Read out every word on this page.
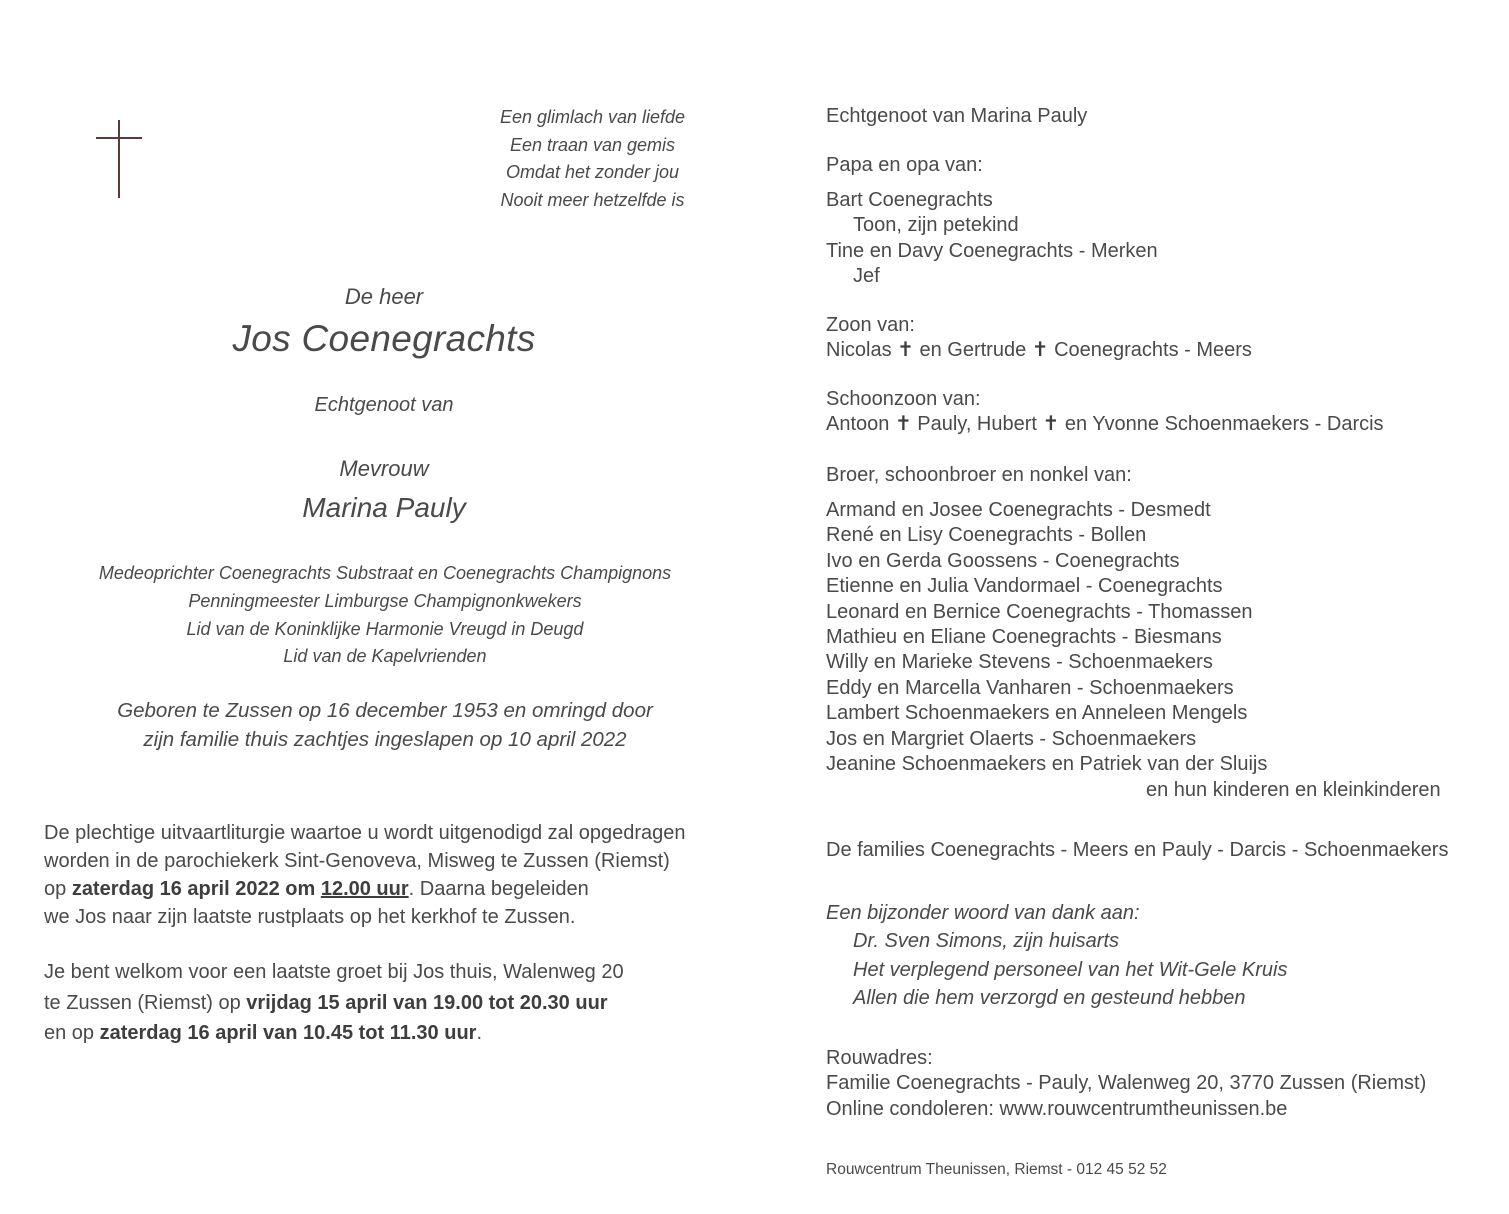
Een glimlach van liefde
Een traan van gemis
Omdat het zonder jou
Nooit meer hetzelfde is
De heer
Jos Coenegrachts
Echtgenoot van
Mevrouw
Marina Pauly
Medeoprichter Coenegrachts Substraat en Coenegrachts Champignons
Penningmeester Limburgse Champignonkwekers
Lid van de Koninklijke Harmonie Vreugd in Deugd
Lid van de Kapelvrienden
Geboren te Zussen op 16 december 1953 en omringd door
zijn familie thuis zachtjes ingeslapen op 10 april 2022
De plechtige uitvaartliturgie waartoe u wordt uitgenodigd zal opgedragen
worden in de parochiekerk Sint-Genoveva, Misweg te Zussen (Riemst)
op zaterdag 16 april 2022 om 12.00 uur. Daarna begeleiden
we Jos naar zijn laatste rustplaats op het kerkhof te Zussen.
Je bent welkom voor een laatste groet bij Jos thuis, Walenweg 20
te Zussen (Riemst) op vrijdag 15 april van 19.00 tot 20.30 uur
en op zaterdag 16 april van 10.45 tot 11.30 uur.
Echtgenoot van Marina Pauly
Papa en opa van:
Bart Coenegrachts
Toon, zijn petekind
Tine en Davy Coenegrachts - Merken
Jef
Zoon van:
Nicolas ✝ en Gertrude ✝ Coenegrachts - Meers
Schoonzoon van:
Antoon ✝ Pauly, Hubert ✝ en Yvonne Schoenmaekers - Darcis
Broer, schoonbroer en nonkel van:
Armand en Josee Coenegrachts - Desmedt
René en Lisy Coenegrachts - Bollen
Ivo en Gerda Goossens - Coenegrachts
Etienne en Julia Vandormael - Coenegrachts
Leonard en Bernice Coenegrachts - Thomassen
Mathieu en Eliane Coenegrachts - Biesmans
Willy en Marieke Stevens - Schoenmaekers
Eddy en Marcella Vanharen - Schoenmaekers
Lambert Schoenmaekers en Anneleen Mengels
Jos en Margriet Olaerts - Schoenmaekers
Jeanine Schoenmaekers en Patriek van der Sluijs
en hun kinderen en kleinkinderen
De families Coenegrachts - Meers en Pauly - Darcis - Schoenmaekers
Een bijzonder woord van dank aan:
Dr. Sven Simons, zijn huisarts
Het verplegend personeel van het Wit-Gele Kruis
Allen die hem verzorgd en gesteund hebben
Rouwadres:
Familie Coenegrachts - Pauly, Walenweg 20, 3770 Zussen (Riemst)
Online condoleren: www.rouwcentrumtheunissen.be
Rouwcentrum Theunissen, Riemst - 012 45 52 52
